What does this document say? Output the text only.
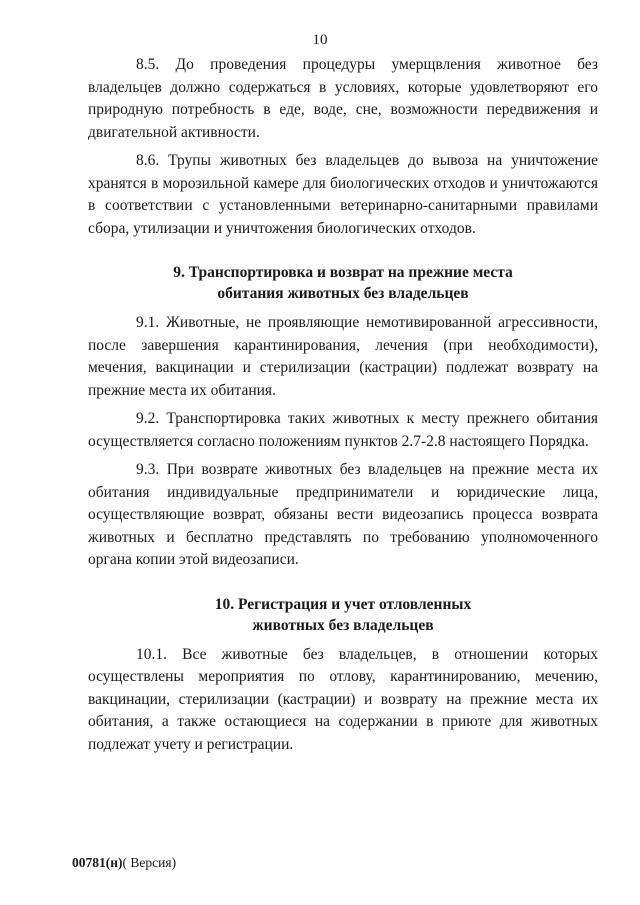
10

8.5. До проведения процедуры умерщвления животное без владельцев должно содержаться в условиях, которые удовлетворяют его природную потребность в еде, воде, сне, возможности передвижения и двигательной активности.

8.6. Трупы животных без владельцев до вывоза на уничтожение хранятся в морозильной камере для биологических отходов и уничтожаются в соответствии с установленными ветеринарно-санитарными правилами сбора, утилизации и уничтожения биологических отходов.

9. Транспортировка и возврат на прежние места
обитания животных без владельцев

9.1. Животные, не проявляющие немотивированной агрессивности, после завершения карантинирования, лечения (при необходимости), мечения, вакцинации и стерилизации (кастрации) подлежат возврату на прежние места их обитания.

9.2. Транспортировка таких животных к месту прежнего обитания осуществляется согласно положениям пунктов 2.7-2.8 настоящего Порядка.

9.3. При возврате животных без владельцев на прежние места их обитания индивидуальные предприниматели и юридические лица, осуществляющие возврат, обязаны вести видеозапись процесса возврата животных и бесплатно представлять по требованию уполномоченного органа копии этой видеозаписи.

10. Регистрация и учет отловленных
животных без владельцев

10.1. Все животные без владельцев, в отношении которых осуществлены мероприятия по отлову, карантинированию, мечению, вакцинации, стерилизации (кастрации) и возврату на прежние места их обитания, а также остающиеся на содержании в приюте для животных подлежат учету и регистрации.

00781(н)( Версия)
